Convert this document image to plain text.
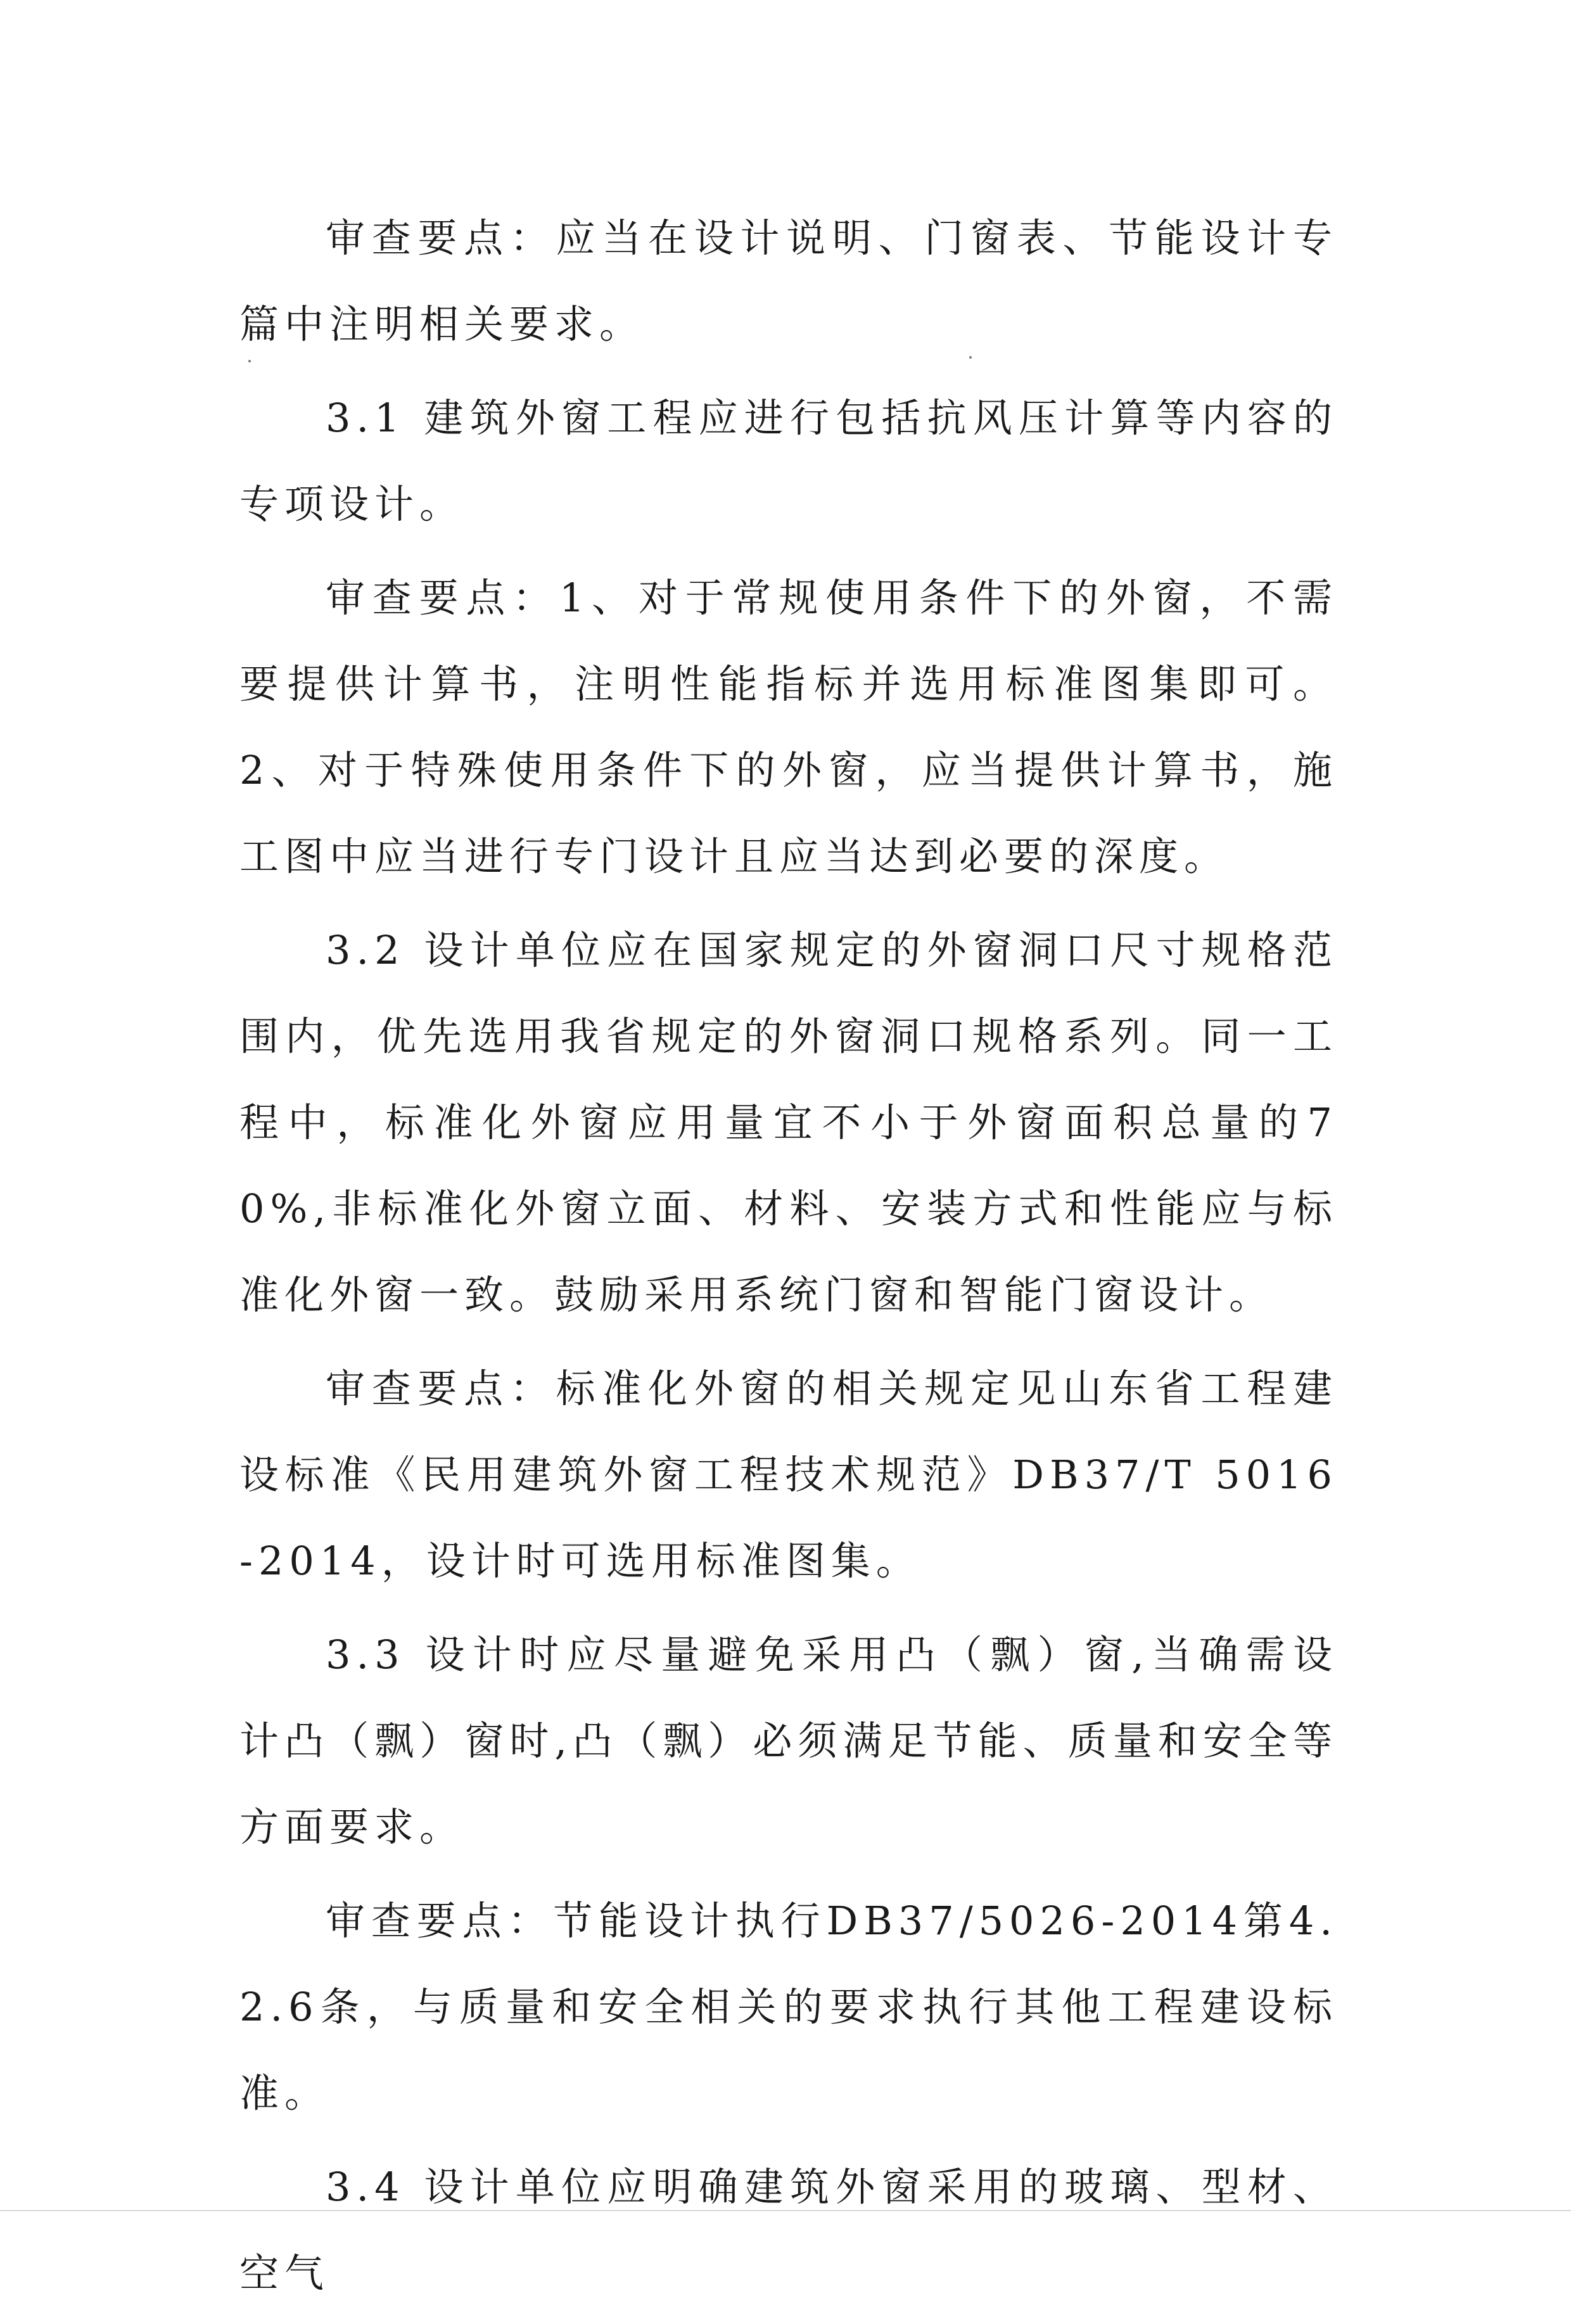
审查要点：应当在设计说明、门窗表、节能设计专篇中注明相关要求。

3.1 建筑外窗工程应进行包括抗风压计算等内容的专项设计。

审查要点：1、对于常规使用条件下的外窗，不需要提供计算书，注明性能指标并选用标准图集即可。2、对于特殊使用条件下的外窗，应当提供计算书，施工图中应当进行专门设计且应当达到必要的深度。

3.2 设计单位应在国家规定的外窗洞口尺寸规格范围内，优先选用我省规定的外窗洞口规格系列。同一工程中，标准化外窗应用量宜不小于外窗面积总量的70%,非标准化外窗立面、材料、安装方式和性能应与标准化外窗一致。鼓励采用系统门窗和智能门窗设计。

审查要点：标准化外窗的相关规定见山东省工程建设标准《民用建筑外窗工程技术规范》DB37/T 5016-2014，设计时可选用标准图集。

3.3 设计时应尽量避免采用凸（飘）窗,当确需设计凸（飘）窗时,凸（飘）必须满足节能、质量和安全等方面要求。

审查要点：节能设计执行DB37/5026-2014第4.2.6条，与质量和安全相关的要求执行其他工程建设标准。

3.4 设计单位应明确建筑外窗采用的玻璃、型材、空气
